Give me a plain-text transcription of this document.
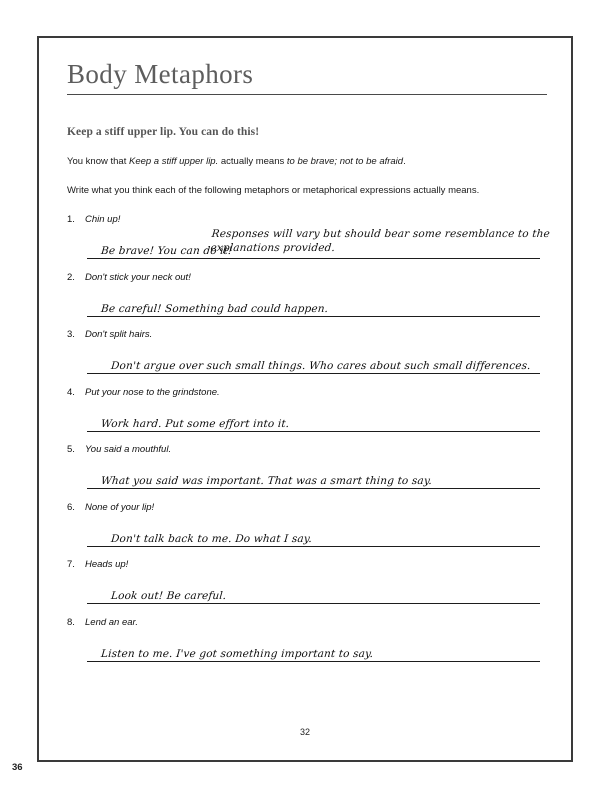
Body Metaphors

Keep a stiff upper lip. You can do this!

You know that Keep a stiff upper lip. actually means to be brave; not to be afraid.

Write what you think each of the following metaphors or metaphorical expressions actually means.

Responses will vary but should bear some resemblance to the
explanations provided.
1.	Chin up!
Be brave! You can do it!
2.	Don't stick your neck out!
Be careful! Something bad could happen.
3.	Don't split hairs.
Don't argue over such small things. Who cares about such small differences.
4.	Put your nose to the grindstone.
Work hard. Put some effort into it.
5.	You said a mouthful.
What you said was important. That was a smart thing to say.
6.	None of your lip!
Don't talk back to me. Do what I say.
7.	Heads up!
Look out! Be careful.
8.	Lend an ear.
Listen to me. I've got something important to say.
32
36
